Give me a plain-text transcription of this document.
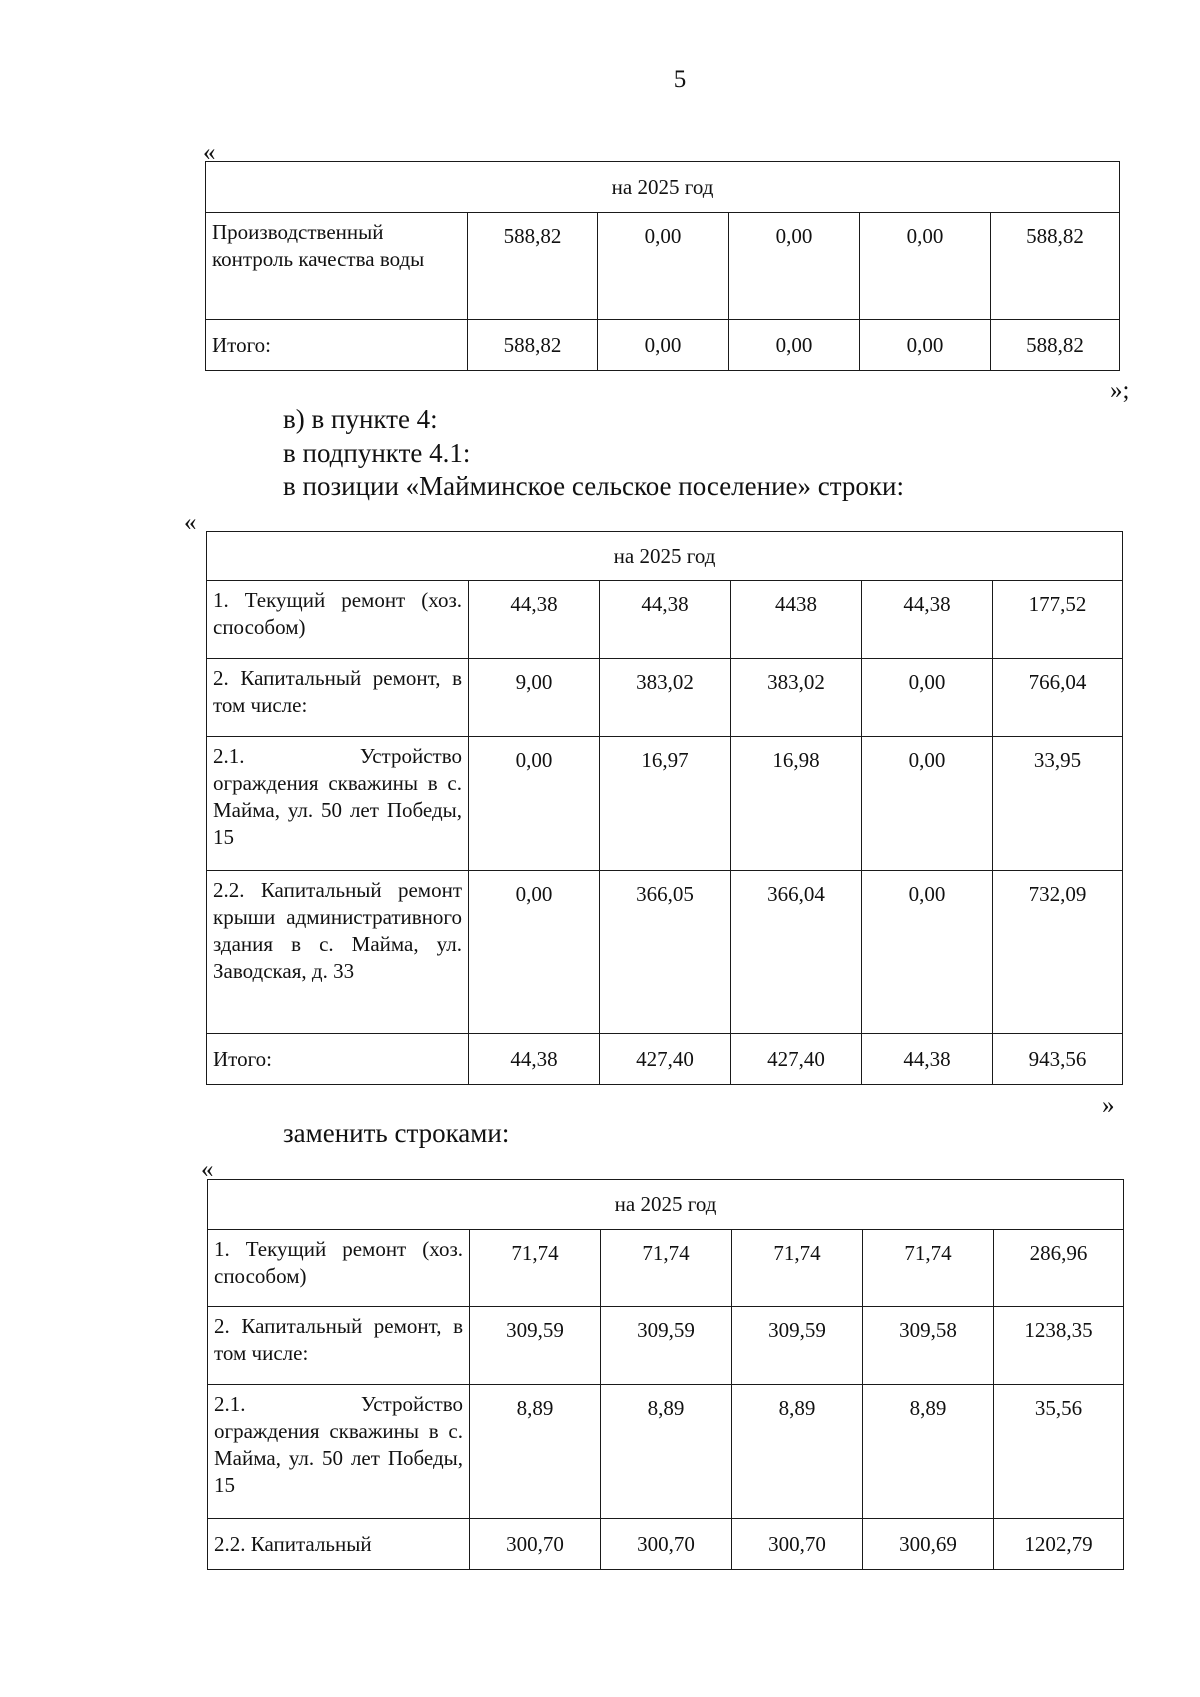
5
«
на 2025 год					
Производственный контроль качества воды	588,82	0,00	0,00	0,00	588,82
Итого:	588,82	0,00	0,00	0,00	588,82
»;
в) в пункте 4:
в подпункте 4.1:
в позиции «Майминское сельское поселение» строки:
«
на 2025 год					
1. Текущий ремонт (хоз. способом)	44,38	44,38	4438	44,38	177,52
2. Капитальный ремонт, в том числе:	9,00	383,02	383,02	0,00	766,04
2.1. Устройство ограждения скважины в с. Майма, ул. 50 лет Победы, 15	0,00	16,97	16,98	0,00	33,95
2.2. Капитальный ремонт крыши административного здания в с. Майма, ул. Заводская, д. 33	0,00	366,05	366,04	0,00	732,09
Итого:	44,38	427,40	427,40	44,38	943,56
»
заменить строками:
«
на 2025 год					
1. Текущий ремонт (хоз. способом)	71,74	71,74	71,74	71,74	286,96
2. Капитальный ремонт, в том числе:	309,59	309,59	309,59	309,58	1238,35
2.1. Устройство ограждения скважины в с. Майма, ул. 50 лет Победы, 15	8,89	8,89	8,89	8,89	35,56
2.2. Капитальный	300,70	300,70	300,70	300,69	1202,79
